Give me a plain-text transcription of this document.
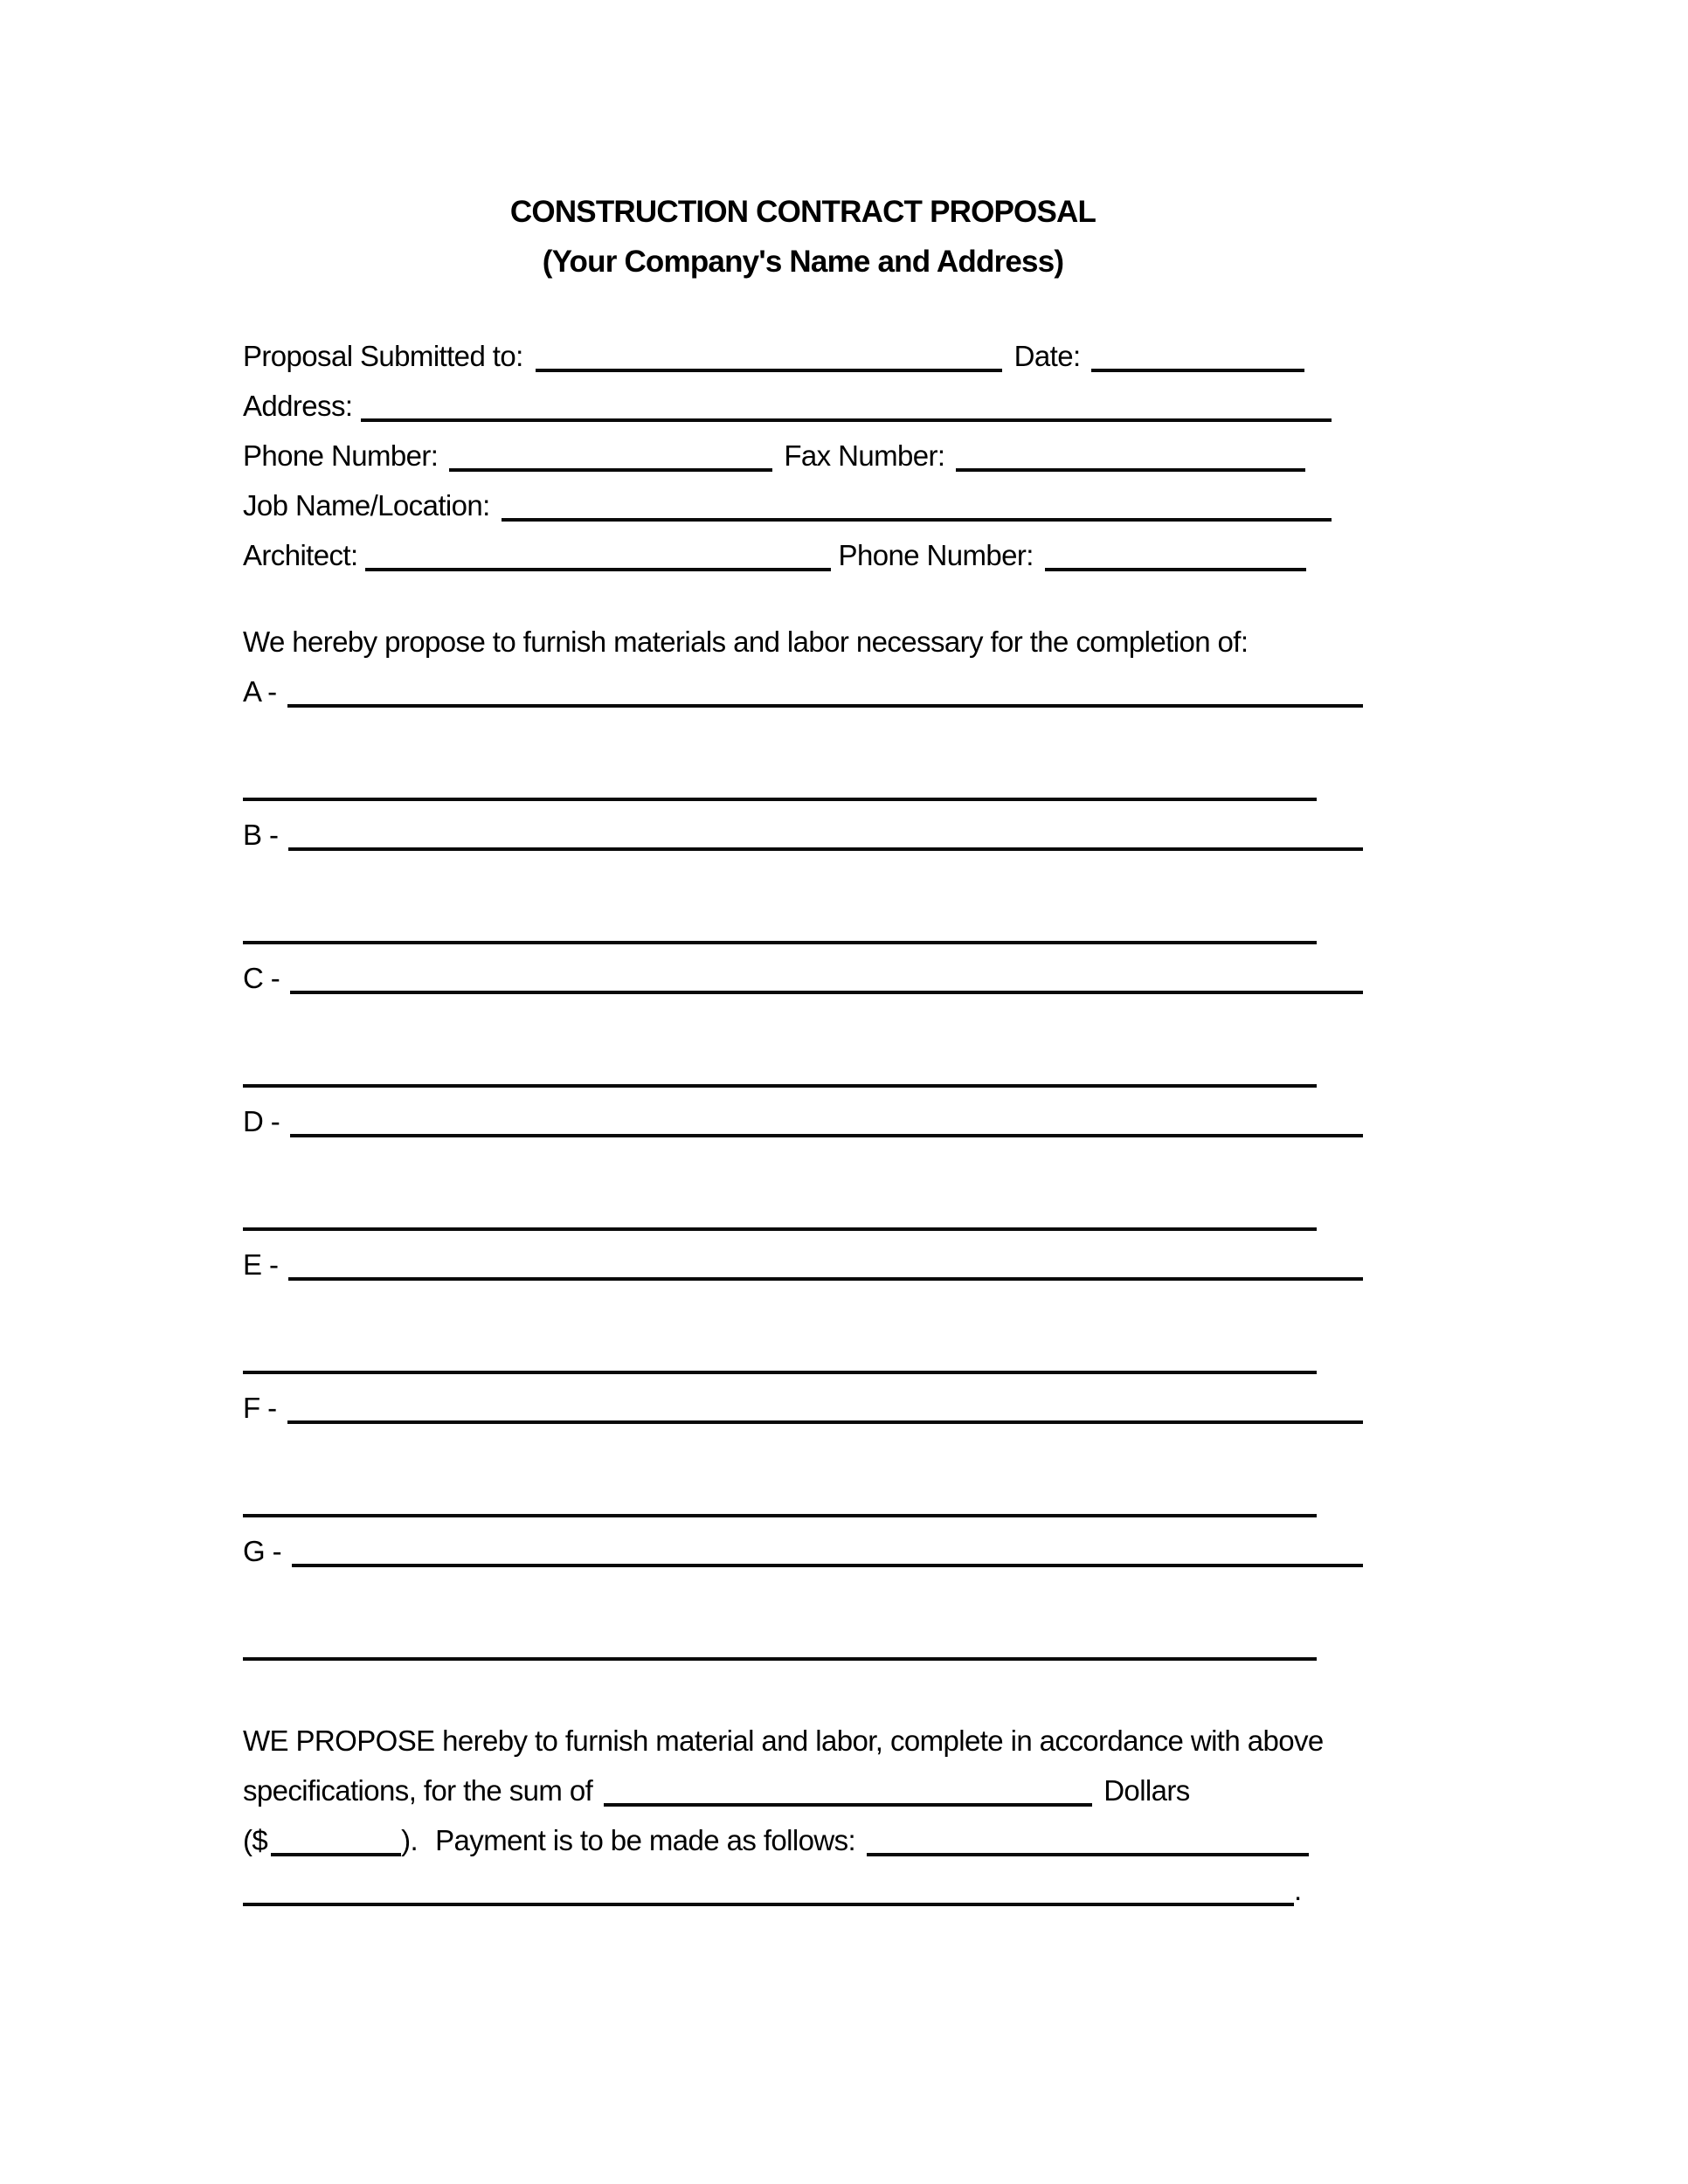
CONSTRUCTION CONTRACT PROPOSAL
(Your Company's Name and Address)
Proposal Submitted to:	Date:
Address:
Phone Number:	Fax Number:
Job Name/Location:
Architect:	Phone Number:
We hereby propose to furnish materials and labor necessary for the completion of:
A -
B -
C -
D -
E -
F -
G -
WE PROPOSE hereby to furnish material and labor, complete in accordance with above
specifications, for the sum of	Dollars
($	). Payment is to be made as follows:
.
